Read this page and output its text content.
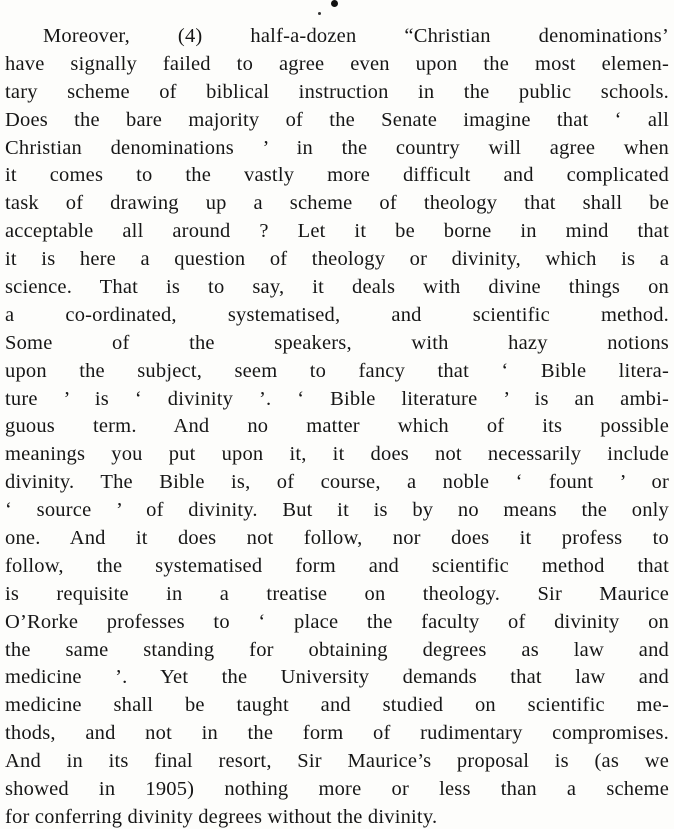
Moreover, (4) half-a-dozen “Christian denominations’
have signally failed to agree even upon the most elemen-
tary scheme of biblical instruction in the public schools.
Does the bare majority of the Senate imagine that ‘ all
Christian denominations ’ in the country will agree when
it comes to the vastly more difficult and complicated
task of drawing up a scheme of theology that shall be
acceptable all around ? Let it be borne in mind that
it is here a question of theology or divinity, which is a
science. That is to say, it deals with divine things on
a co-ordinated, systematised, and scientific method.
Some of the speakers, with hazy notions
upon the subject, seem to fancy that ‘ Bible litera-
ture ’ is ‘ divinity ’. ‘ Bible literature ’ is an ambi-
guous term. And no matter which of its possible
meanings you put upon it, it does not necessarily include
divinity. The Bible is, of course, a noble ‘ fount ’ or
‘ source ’ of divinity. But it is by no means the only
one. And it does not follow, nor does it profess to
follow, the systematised form and scientific method that
is requisite in a treatise on theology. Sir Maurice
O’Rorke professes to ‘ place the faculty of divinity on
the same standing for obtaining degrees as law and
medicine ’. Yet the University demands that law and
medicine shall be taught and studied on scientific me-
thods, and not in the form of rudimentary compromises.
And in its final resort, Sir Maurice’s proposal is (as we
showed in 1905) nothing more or less than a scheme
for conferring divinity degrees without the divinity.
